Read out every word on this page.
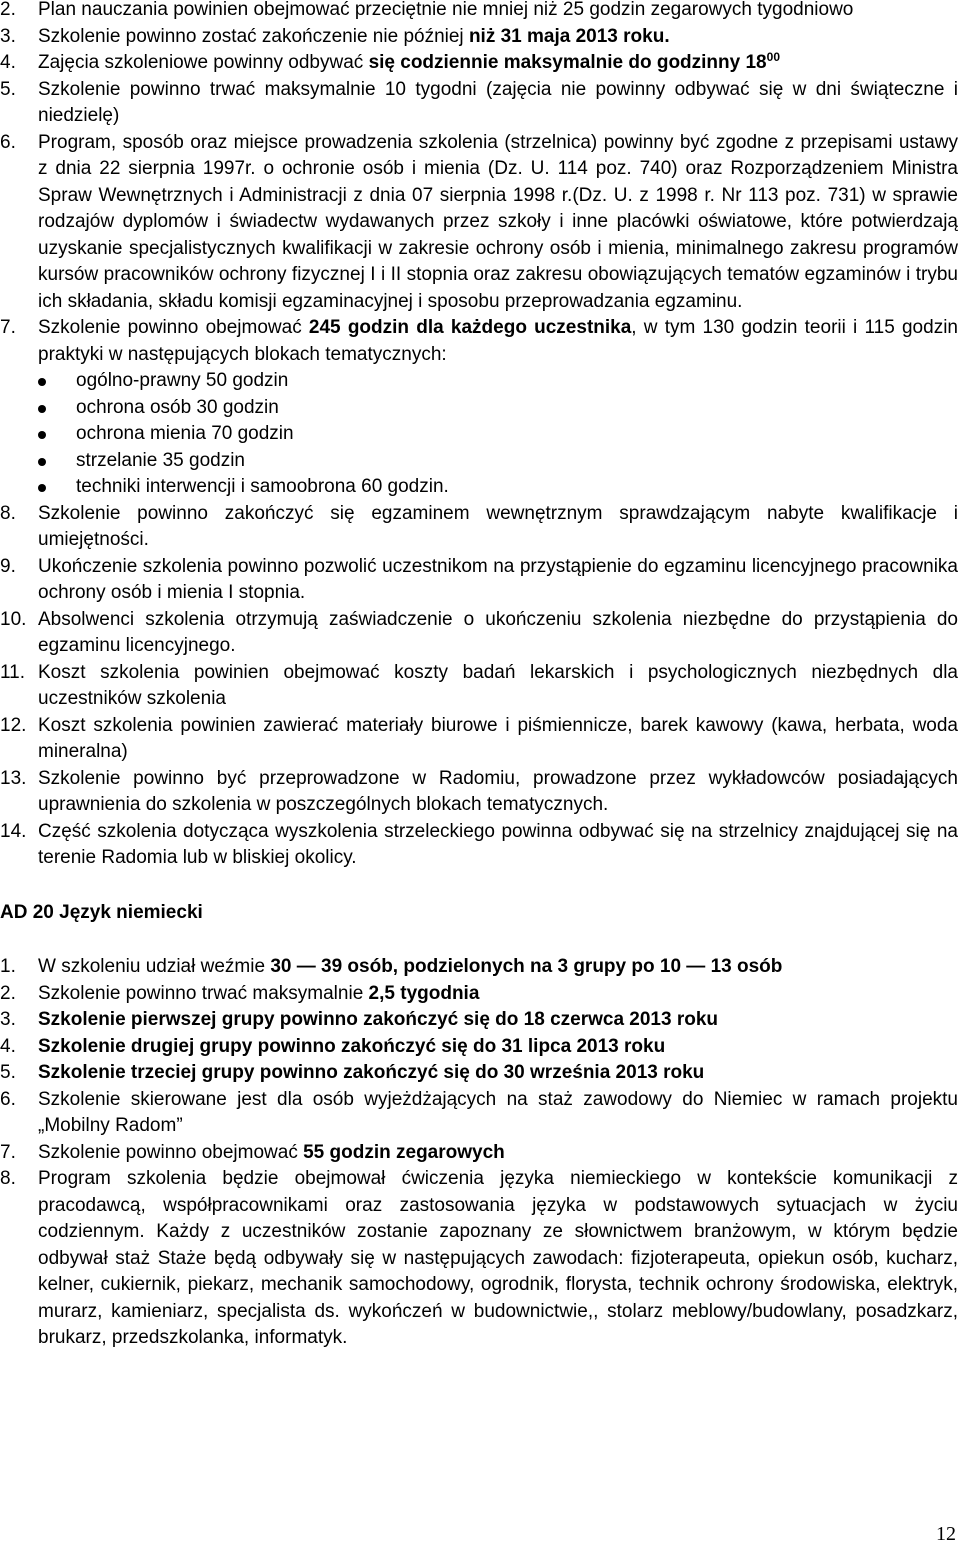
2. Plan nauczania powinien obejmować przeciętnie nie mniej niż 25 godzin zegarowych tygodniowo
3. Szkolenie powinno zostać zakończenie nie później niż 31 maja 2013 roku.
4. Zajęcia szkoleniowe powinny odbywać się codziennie maksymalnie do godzinny $18^{00}$
5. Szkolenie powinno trwać maksymalnie 10 tygodni (zajęcia nie powinny odbywać się w dni świąteczne i niedzielę)
6. Program, sposób oraz miejsce prowadzenia szkolenia (strzelnica) powinny być zgodne z przepisami ustawy z dnia 22 sierpnia 1997r. o ochronie osób i mienia (Dz. U. 114 poz. 740) oraz Rozporządzeniem Ministra Spraw Wewnętrznych i Administracji z dnia 07 sierpnia 1998 r.(Dz. U. z 1998 r. Nr 113 poz. 731) w sprawie rodzajów dyplomów i świadectw wydawanych przez szkoły i inne placówki oświatowe, które potwierdzają uzyskanie specjalistycznych kwalifikacji w zakresie ochrony osób i mienia, minimalnego zakresu programów kursów pracowników ochrony fizycznej I i II stopnia oraz zakresu obowiązujących tematów egzaminów i trybu ich składania, składu komisji egzaminacyjnej i sposobu przeprowadzania egzaminu.
7. Szkolenie powinno obejmować 245 godzin dla każdego uczestnika, w tym 130 godzin teorii i 115 godzin praktyki w następujących blokach tematycznych:
ogólno-prawny 50 godzin
ochrona osób 30 godzin
ochrona mienia 70 godzin
strzelanie 35 godzin
techniki interwencji i samoobrona 60 godzin.
8. Szkolenie powinno zakończyć się egzaminem wewnętrznym sprawdzającym nabyte kwalifikacje i umiejętności.
9. Ukończenie szkolenia powinno pozwolić uczestnikom na przystąpienie do egzaminu licencyjnego pracownika ochrony osób i mienia I stopnia.
10. Absolwenci szkolenia otrzymują zaświadczenie o ukończeniu szkolenia niezbędne do przystąpienia do egzaminu licencyjnego.
11. Koszt szkolenia powinien obejmować koszty badań lekarskich i psychologicznych niezbędnych dla uczestników szkolenia
12. Koszt szkolenia powinien zawierać materiały biurowe i piśmiennicze, barek kawowy (kawa, herbata, woda mineralna)
13. Szkolenie powinno być przeprowadzone w Radomiu, prowadzone przez wykładowców posiadających uprawnienia do szkolenia w poszczególnych blokach tematycznych.
14. Część szkolenia dotycząca wyszkolenia strzeleckiego powinna odbywać się na strzelnicy znajdującej się na terenie Radomia lub w bliskiej okolicy.
AD 20 Język niemiecki
1. W szkoleniu udział weźmie 30 — 39 osób, podzielonych na 3 grupy po 10 — 13 osób
2. Szkolenie powinno trwać maksymalnie 2,5 tygodnia
3. Szkolenie pierwszej grupy powinno zakończyć się do 18 czerwca 2013 roku
4. Szkolenie drugiej grupy powinno zakończyć się do 31 lipca 2013 roku
5. Szkolenie trzeciej grupy powinno zakończyć się do 30 września 2013 roku
6. Szkolenie skierowane jest dla osób wyjeżdżających na staż zawodowy do Niemiec w ramach projektu „Mobilny Radom”
7. Szkolenie powinno obejmować 55 godzin zegarowych
8. Program szkolenia będzie obejmował ćwiczenia języka niemieckiego w kontekście komunikacji z pracodawcą, współpracownikami oraz zastosowania języka w podstawowych sytuacjach w życiu codziennym. Każdy z uczestników zostanie zapoznany ze słownictwem branżowym, w którym będzie odbywał staż Staże będą odbywały się w następujących zawodach: fizjoterapeuta, opiekun osób, kucharz, kelner, cukiernik, piekarz, mechanik samochodowy, ogrodnik, florysta, technik ochrony środowiska, elektryk, murarz, kamieniarz, specjalista ds. wykończeń w budownictwie,, stolarz meblowy/budowlany, posadzkarz, brukarz, przedszkolanka, informatyk.
12
